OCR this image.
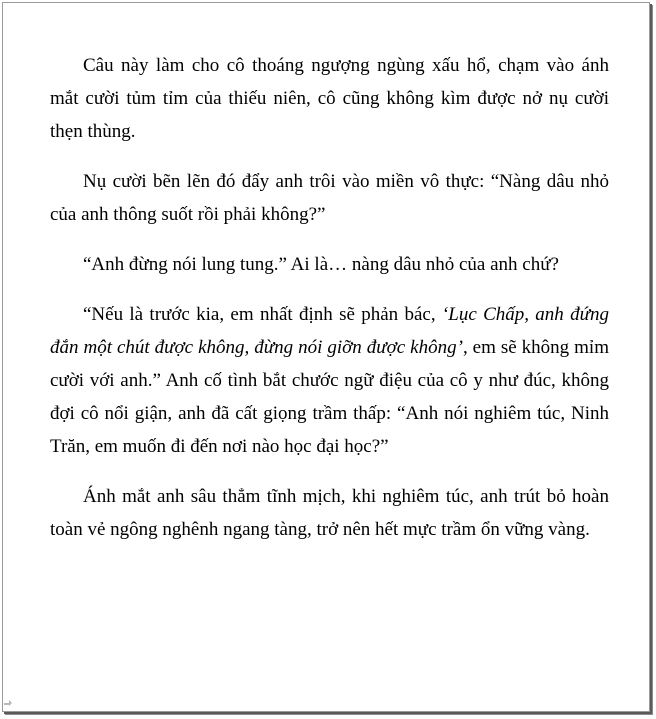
Câu này làm cho cô thoáng ngượng ngùng xấu hổ, chạm vào ánh mắt cười tủm tỉm của thiếu niên, cô cũng không kìm được nở nụ cười thẹn thùng.

Nụ cười bẽn lẽn đó đẩy anh trôi vào miền vô thực: “Nàng dâu nhỏ của anh thông suốt rồi phải không?”

“Anh đừng nói lung tung.” Ai là… nàng dâu nhỏ của anh chứ?

“Nếu là trước kia, em nhất định sẽ phản bác, ‘Lục Chấp, anh đứng đắn một chút được không, đừng nói giỡn được không’, em sẽ không mỉm cười với anh.” Anh cố tình bắt chước ngữ điệu của cô y như đúc, không đợi cô nổi giận, anh đã cất giọng trầm thấp: “Anh nói nghiêm túc, Ninh Trăn, em muốn đi đến nơi nào học đại học?”

Ánh mắt anh sâu thẳm tĩnh mịch, khi nghiêm túc, anh trút bỏ hoàn toàn vẻ ngông nghênh ngang tàng, trở nên hết mực trầm ổn vững vàng.
